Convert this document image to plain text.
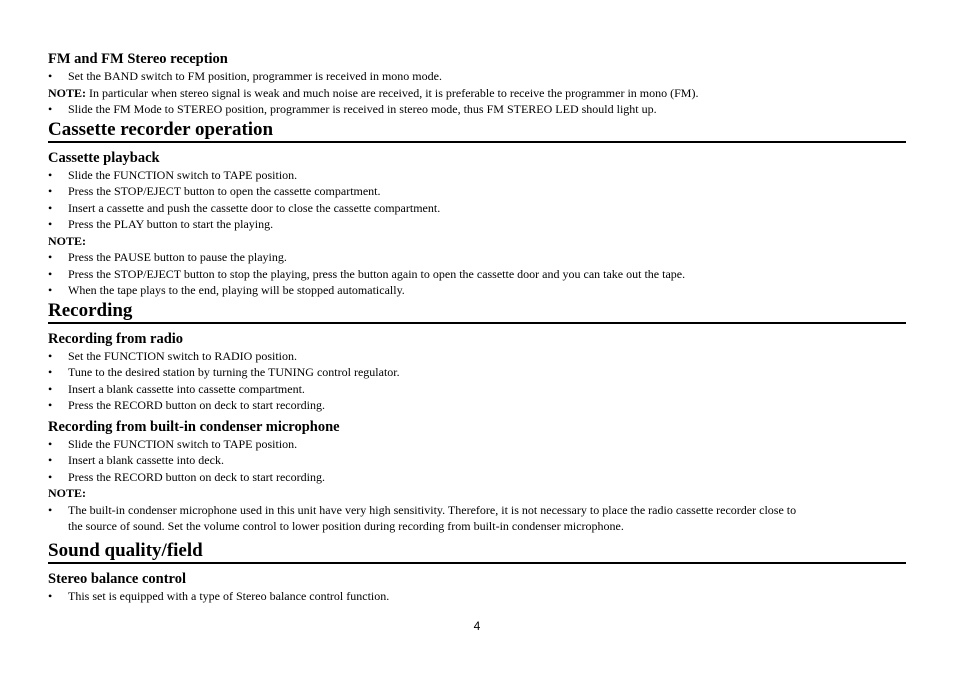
FM and FM Stereo reception
•	Set the BAND switch to FM position, programmer is received in mono mode.
NOTE: In particular when stereo signal is weak and much noise are received, it is preferable to receive the programmer in mono (FM).
•	Slide the FM Mode to STEREO position, programmer is received in stereo mode, thus FM STEREO LED should light up.
Cassette recorder operation
Cassette playback
•	Slide the FUNCTION switch to TAPE position.
•	Press the STOP/EJECT button to open the cassette compartment.
•	Insert a cassette and push the cassette door to close the cassette compartment.
•	Press the PLAY button to start the playing.
NOTE:
•	Press the PAUSE button to pause the playing.
•	Press the STOP/EJECT button to stop the playing, press the button again to open the cassette door and you can take out the tape.
•	When the tape plays to the end, playing will be stopped automatically.
Recording
Recording from radio
•	Set the FUNCTION switch to RADIO position.
•	Tune to the desired station by turning the TUNING control regulator.
•	Insert a blank cassette into cassette compartment.
•	Press the RECORD button on deck to start recording.
Recording from built-in condenser microphone
•	Slide the FUNCTION switch to TAPE position.
•	Insert a blank cassette into deck.
•	Press the RECORD button on deck to start recording.
NOTE:
•	The built-in condenser microphone used in this unit have very high sensitivity. Therefore, it is not necessary to place the radio cassette recorder close to
the source of sound. Set the volume control to lower position during recording from built-in condenser microphone.
Sound quality/field
Stereo balance control
•	This set is equipped with a type of Stereo balance control function.
4
